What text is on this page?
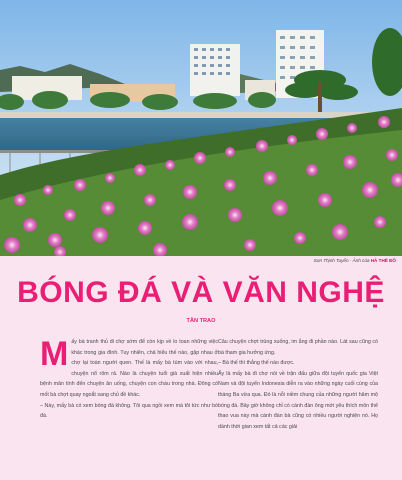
Sơn Thịnh Tuyển · Ảnh của HÀ THẾ ĐÔ
BÓNG ĐÁ VÀ VĂN NGHỆ
TẦN TRAO
M ấy bà tranh thủ đi chợ sớm để còn kịp về lo toan những việc khác trong gia đình. Tuy nhiên, chả hiểu thế nào, gặp nhau ở chợ lại toàn người quen. Thế là mấy bà túm vào với nhau, chuyện nổ rôm rả. Nào là chuyện tuổi già xuất hiện nhiều bệnh mãn tính đến chuyện ăn uống, chuyện con cháu trong nhà. Đông có mốt bà chợt quay ngoắt sang chủ đề khác.

– Này, mấy bà có xem bóng đá không. Tôi qua ngồi xem mà tôi tức như bò đá.

Câu chuyện chợt trùng xuống, im ắng đi phần nào. Lát sau cũng có bà tham gia hưởng ứng.

– Bà thế thì thắng thế nào được.

Ấy là mấy bà đi chợ nói về trận đấu giữa đội tuyển quốc gia Việt Nam và đội tuyển Indonesia diễn ra vào những ngày cuối cùng của tháng Ba vừa qua. Đó là nỗi niềm chung của những người hâm mộ bóng đá. Bây giờ không chỉ có cánh đàn ông mới yêu thích môn thể thao vua này mà cánh đàn bà cũng có nhiều người nghiện nó. Họ dành thời gian xem tất cả các giải
